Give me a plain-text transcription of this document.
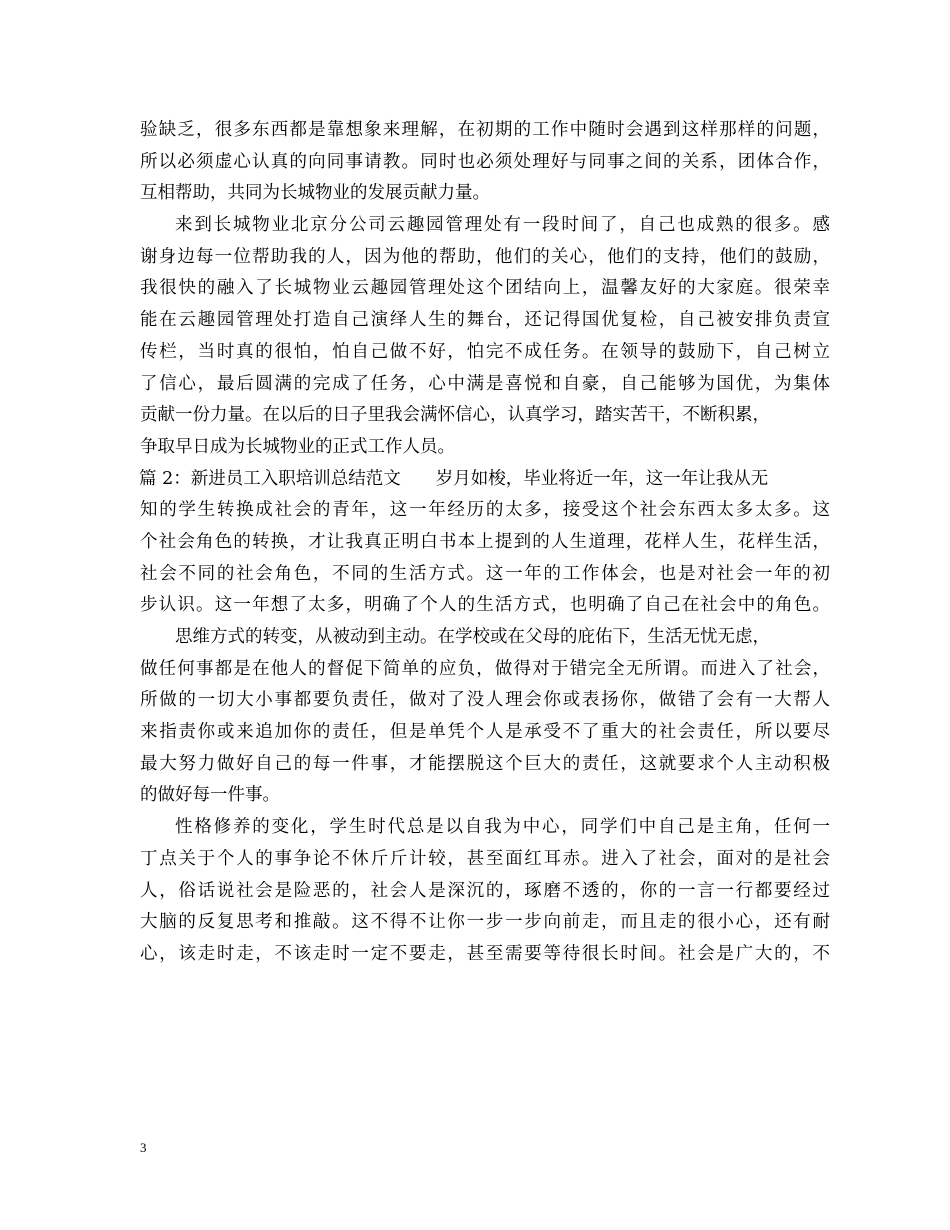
验缺乏，很多东西都是靠想象来理解，在初期的工作中随时会遇到这样那样的问题，
所以必须虚心认真的向同事请教。同时也必须处理好与同事之间的关系，团体合作，
互相帮助，共同为长城物业的发展贡献力量。
来到长城物业北京分公司云趣园管理处有一段时间了，自己也成熟的很多。感
谢身边每一位帮助我的人，因为他的帮助，他们的关心，他们的支持，他们的鼓励，
我很快的融入了长城物业云趣园管理处这个团结向上，温馨友好的大家庭。很荣幸
能在云趣园管理处打造自己演绎人生的舞台，还记得国优复检，自己被安排负责宣
传栏，当时真的很怕，怕自己做不好，怕完不成任务。在领导的鼓励下，自己树立
了信心，最后圆满的完成了任务，心中满是喜悦和自豪，自己能够为国优，为集体
贡献一份力量。在以后的日子里我会满怀信心，认真学习，踏实苦干，不断积累，
争取早日成为长城物业的正式工作人员。
篇 2：新进员工入职培训总结范文　　岁月如梭，毕业将近一年，这一年让我从无
知的学生转换成社会的青年，这一年经历的太多，接受这个社会东西太多太多。这
个社会角色的转换，才让我真正明白书本上提到的人生道理，花样人生，花样生活，
社会不同的社会角色，不同的生活方式。这一年的工作体会，也是对社会一年的初
步认识。这一年想了太多，明确了个人的生活方式，也明确了自己在社会中的角色。
思维方式的转变，从被动到主动。在学校或在父母的庇佑下，生活无忧无虑，
做任何事都是在他人的督促下简单的应负，做得对于错完全无所谓。而进入了社会，
所做的一切大小事都要负责任，做对了没人理会你或表扬你，做错了会有一大帮人
来指责你或来追加你的责任，但是单凭个人是承受不了重大的社会责任，所以要尽
最大努力做好自己的每一件事，才能摆脱这个巨大的责任，这就要求个人主动积极
的做好每一件事。
性格修养的变化，学生时代总是以自我为中心，同学们中自己是主角，任何一
丁点关于个人的事争论不休斤斤计较，甚至面红耳赤。进入了社会，面对的是社会
人，俗话说社会是险恶的，社会人是深沉的，琢磨不透的，你的一言一行都要经过
大脑的反复思考和推敲。这不得不让你一步一步向前走，而且走的很小心，还有耐
心，该走时走，不该走时一定不要走，甚至需要等待很长时间。社会是广大的，不
3
